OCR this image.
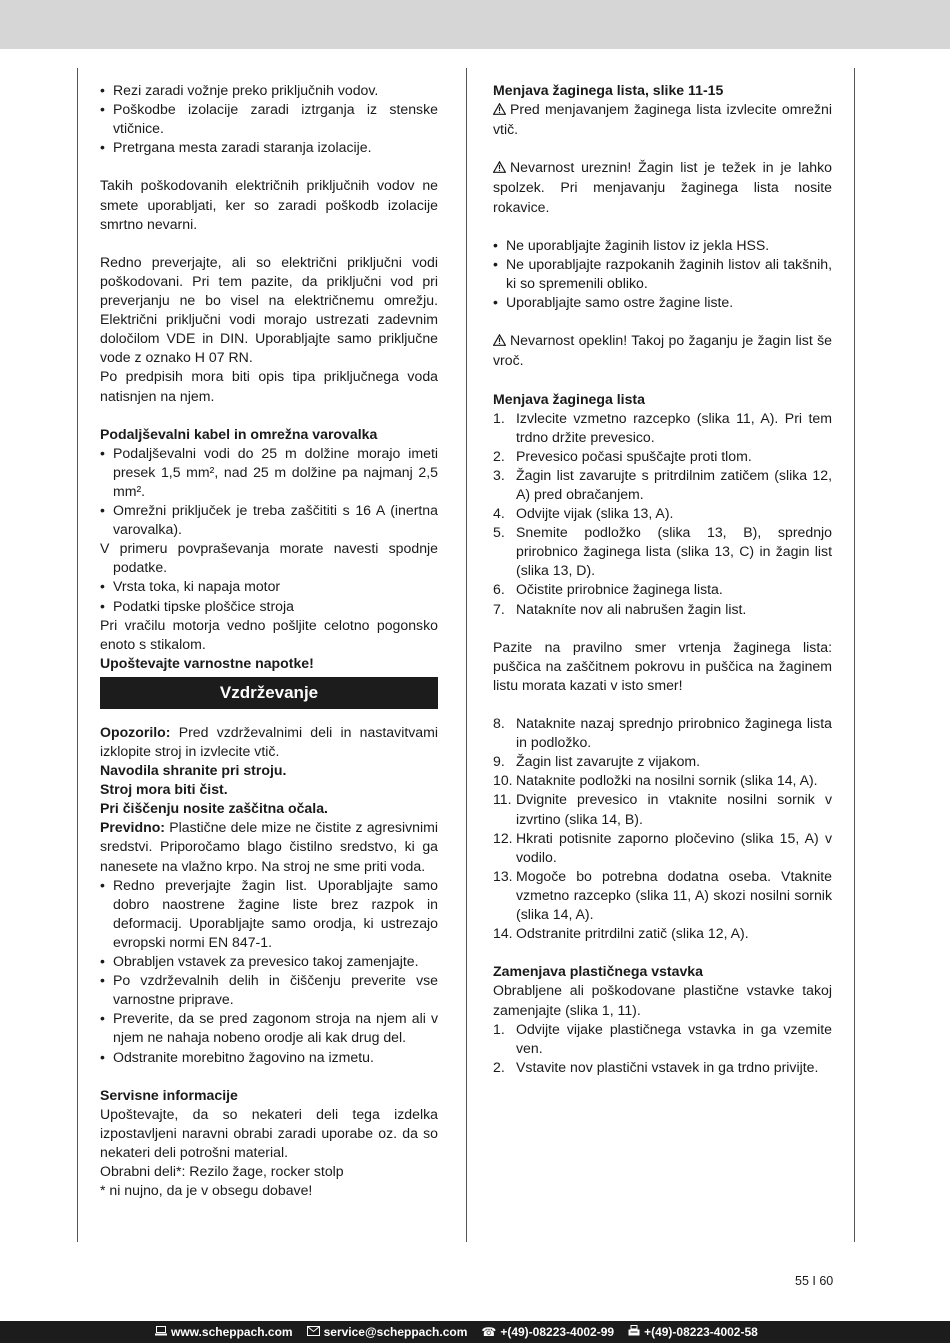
• Rezi zaradi vožnje preko priključnih vodov.
• Poškodbe izolacije zaradi iztrganja iz stenske vtičnice.
• Pretrgana mesta zaradi staranja izolacije.

Takih poškodovanih električnih priključnih vodov ne smete uporabljati, ker so zaradi poškodb izolacije smrtno nevarni.

Redno preverjajte, ali so električni priključni vodi poškodovani. Pri tem pazite, da priključni vod pri preverjanju ne bo visel na električnemu omrežju. Električni priključni vodi morajo ustrezati zadevnim določilom VDE in DIN. Uporabljajte samo priključne vode z oznako H 07 RN.

Po predpisih mora biti opis tipa priključnega voda natisnjen na njem.

Podaljševalni kabel in omrežna varovalka

• Podaljševalni vodi do 25 m dolžine morajo imeti presek 1,5 mm², nad 25 m dolžine pa najmanj 2,5 mm².
• Omrežni priključek je treba zaščititi s 16 A (inertna varovalka).

V primeru povpraševanja morate navesti spodnje podatke.

• Vrsta toka, ki napaja motor
• Podatki tipske ploščice stroja

Pri vračilu motorja vedno pošljite celotno pogonsko enoto s stikalom.

Upoštevajte varnostne napotke!

Vzdrževanje

Opozorilo: Pred vzdrževalnimi deli in nastavitvami izklopite stroj in izvlecite vtič.

Navodila shranite pri stroju.

Stroj mora biti čist.

Pri čiščenju nosite zaščitna očala.

Previdno: Plastične dele mize ne čistite z agresivnimi sredstvi. Priporočamo blago čistilno sredstvo, ki ga nanesete na vlažno krpo. Na stroj ne sme priti voda.

• Redno preverjajte žagin list. Uporabljajte samo dobro naostrene žagine liste brez razpok in deformacij. Uporabljajte samo orodja, ki ustrezajo evropski normi EN 847-1.
• Obrabljen vstavek za prevesico takoj zamenjajte.
• Po vzdrževalnih delih in čiščenju preverite vse varnostne priprave.
• Preverite, da se pred zagonom stroja na njem ali v njem ne nahaja nobeno orodje ali kak drug del.
• Odstranite morebitno žagovino na izmetu.

Servisne informacije

Upoštevajte, da so nekateri deli tega izdelka izpostavljeni naravni obrabi zaradi uporabe oz. da so nekateri deli potrošni material.

Obrabni deli*: Rezilo žage, rocker stolp

* ni nujno, da je v obsegu dobave!

Menjava žaginega lista, slike 11-15

Pred menjavanjem žaginega lista izvlecite omrežni vtič.

Nevarnost ureznin! Žagin list je težek in je lahko spolzek. Pri menjavanju žaginega lista nosite rokavice.

• Ne uporabljajte žaginih listov iz jekla HSS.
• Ne uporabljajte razpokanih žaginih listov ali takšnih, ki so spremenili obliko.
• Uporabljajte samo ostre žagine liste.

Nevarnost opeklin! Takoj po žaganju je žagin list še vroč.

Menjava žaginega lista

1. Izvlecite vzmetno razcepko (slika 11, A). Pri tem trdno držite prevesico.
2. Prevesico počasi spuščajte proti tlom.
3. Žagin list zavarujte s pritrdilnim zatičem (slika 12, A) pred obračanjem.
4. Odvijte vijak (slika 13, A).
5. Snemite podložko (slika 13, B), sprednjo prirobnico žaginega lista (slika 13, C) in žagin list (slika 13, D).
6. Očistite prirobnice žaginega lista.
7. Natakníte nov ali nabrušen žagin list.

Pazite na pravilno smer vrtenja žaginega lista: puščica na zaščitnem pokrovu in puščica na žaginem listu morata kazati v isto smer!

8. Nataknite nazaj sprednjo prirobnico žaginega lista in podložko.
9. Žagin list zavarujte z vijakom.
10. Nataknite podložki na nosilni sornik (slika 14, A).
11. Dvignite prevesico in vtaknite nosilni sornik v izvrtino (slika 14, B).
12. Hkrati potisnite zaporno pločevino (slika 15, A) v vodilo.
13. Mogoče bo potrebna dodatna oseba. Vtaknite vzmetno razcepko (slika 11, A) skozi nosilni sornik (slika 14, A).
14. Odstranite pritrdilni zatič (slika 12, A).

Zamenjava plastičnega vstavka

Obrabljene ali poškodovane plastične vstavke takoj zamenjajte (slika 1, 11).

1. Odvijte vijake plastičnega vstavka in ga vzemite ven.
2. Vstavite nov plastični vstavek in ga trdno privijte.
55 I 60
www.scheppach.com	service@scheppach.com ☎ +(49)-08223-4002-99	+(49)-08223-4002-58
